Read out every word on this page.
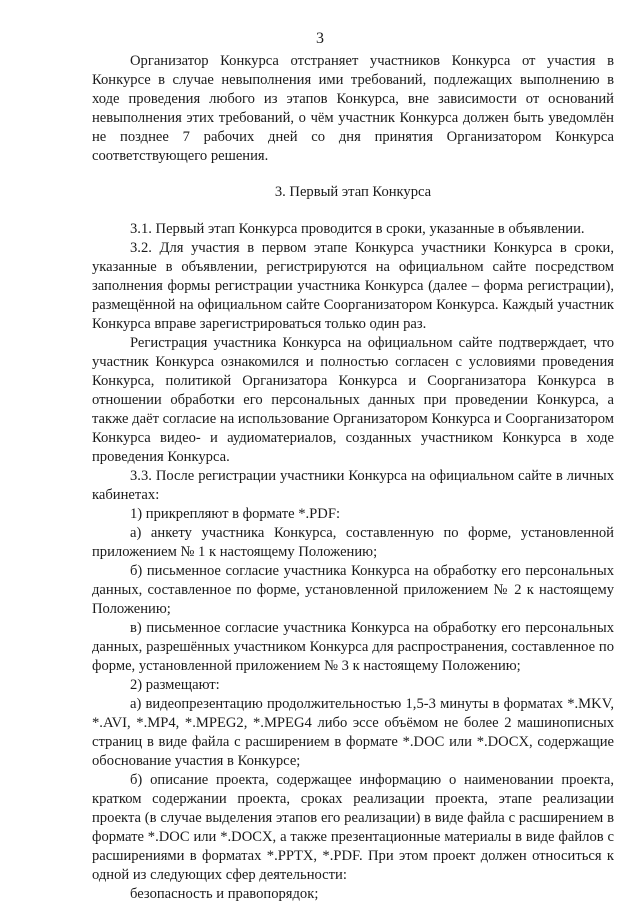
3

Организатор Конкурса отстраняет участников Конкурса от участия в Конкурсе в случае невыполнения ими требований, подлежащих выполнению в ходе проведения любого из этапов Конкурса, вне зависимости от оснований невыполнения этих требований, о чём участник Конкурса должен быть уведомлён не позднее 7 рабочих дней со дня принятия Организатором Конкурса соответствующего решения.

3. Первый этап Конкурса

3.1. Первый этап Конкурса проводится в сроки, указанные в объявлении.

3.2. Для участия в первом этапе Конкурса участники Конкурса в сроки, указанные в объявлении, регистрируются на официальном сайте посредством заполнения формы регистрации участника Конкурса (далее – форма регистрации), размещённой на официальном сайте Соорганизатором Конкурса. Каждый участник Конкурса вправе зарегистрироваться только один раз.

Регистрация участника Конкурса на официальном сайте подтверждает, что участник Конкурса ознакомился и полностью согласен с условиями проведения Конкурса, политикой Организатора Конкурса и Соорганизатора Конкурса в отношении обработки его персональных данных при проведении Конкурса, а также даёт согласие на использование Организатором Конкурса и Соорганизатором Конкурса видео- и аудиоматериалов, созданных участником Конкурса в ходе проведения Конкурса.

3.3. После регистрации участники Конкурса на официальном сайте в личных кабинетах:

1) прикрепляют в формате *.PDF:

а) анкету участника Конкурса, составленную по форме, установленной приложением № 1 к настоящему Положению;

б) письменное согласие участника Конкурса на обработку его персональных данных, составленное по форме, установленной приложением № 2 к настоящему Положению;

в) письменное согласие участника Конкурса на обработку его персональных данных, разрешённых участником Конкурса для распространения, составленное по форме, установленной приложением № 3 к настоящему Положению;

2) размещают:

а) видеопрезентацию продолжительностью 1,5-3 минуты в форматах *.MKV, *.AVI, *.MP4, *.MPEG2, *.MPEG4 либо эссе объёмом не более 2 машинописных страниц в виде файла с расширением в формате *.DOC или *.DOCX, содержащие обоснование участия в Конкурсе;

б) описание проекта, содержащее информацию о наименовании проекта, кратком содержании проекта, сроках реализации проекта, этапе реализации проекта (в случае выделения этапов его реализации) в виде файла с расширением в формате *.DOC или *.DOCX, а также презентационные материалы в виде файлов с расширениями в форматах *.PPTX, *.PDF. При этом проект должен относиться к одной из следующих сфер деятельности:

безопасность и правопорядок;
